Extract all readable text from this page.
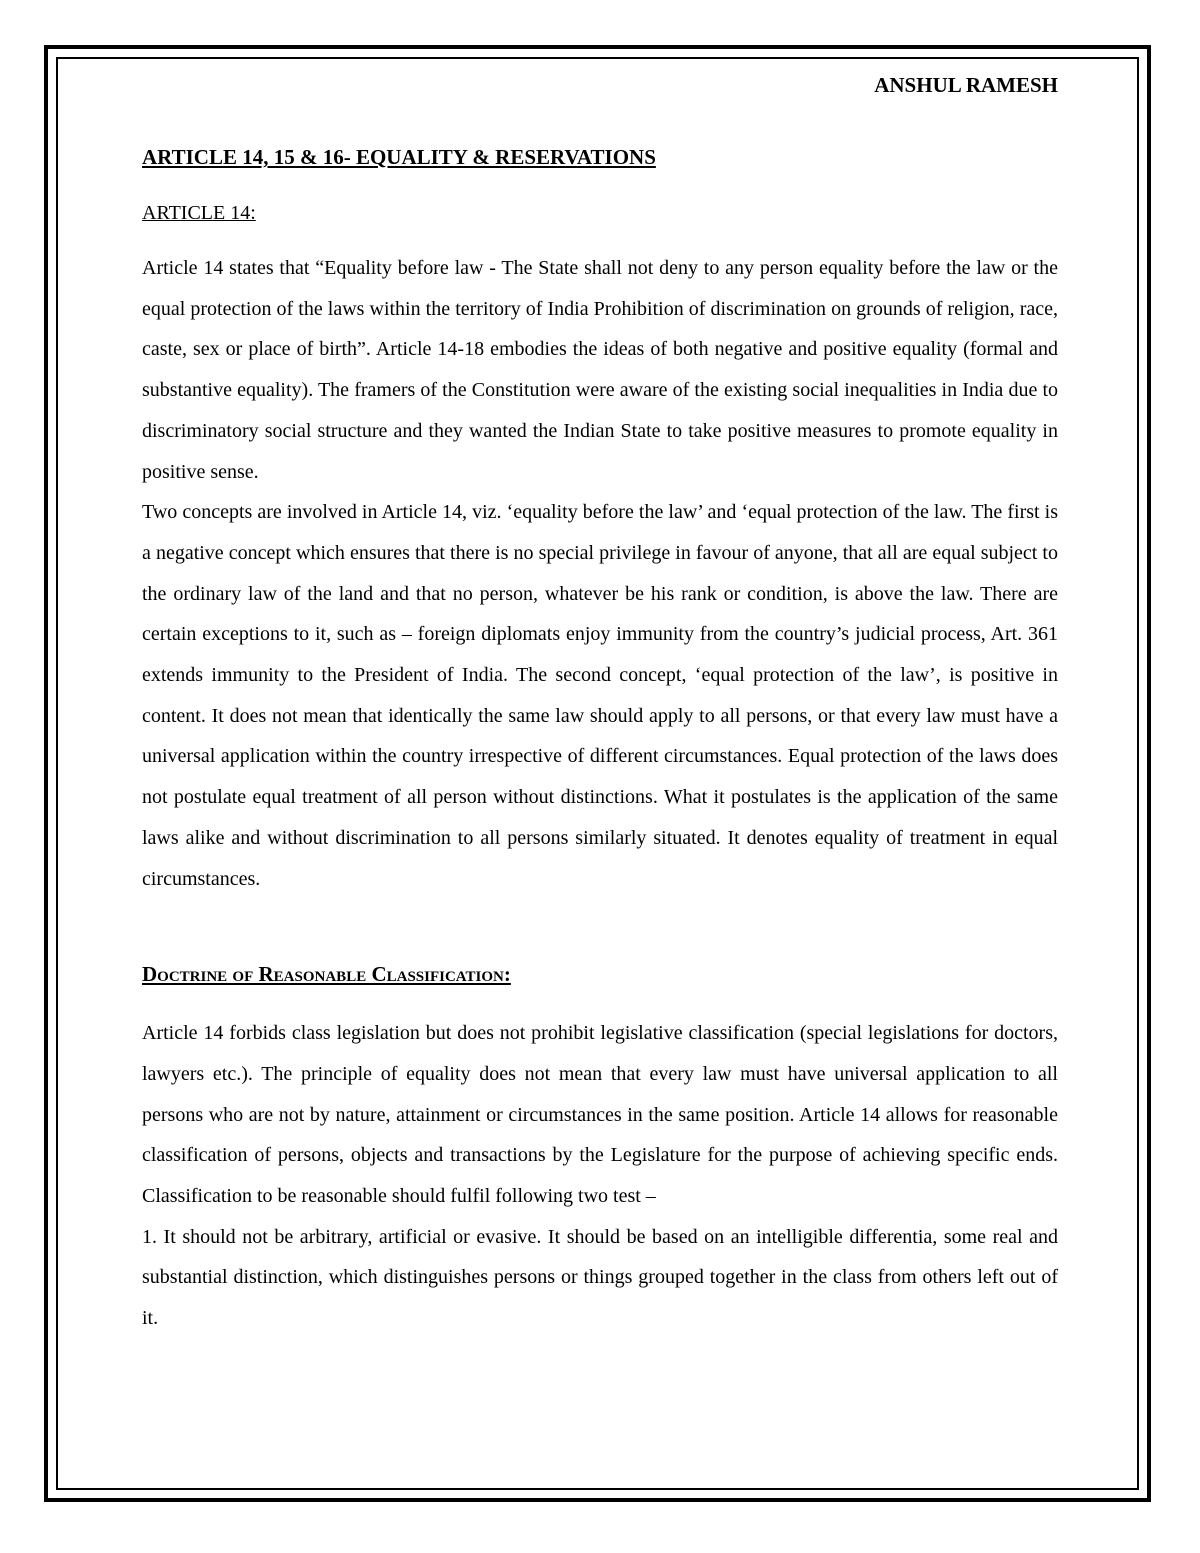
ANSHUL RAMESH

ARTICLE 14, 15 & 16- EQUALITY & RESERVATIONS

ARTICLE 14:

Article 14 states that “Equality before law - The State shall not deny to any person equality before the law or the equal protection of the laws within the territory of India Prohibition of discrimination on grounds of religion, race, caste, sex or place of birth”. Article 14-18 embodies the ideas of both negative and positive equality (formal and substantive equality). The framers of the Constitution were aware of the existing social inequalities in India due to discriminatory social structure and they wanted the Indian State to take positive measures to promote equality in positive sense.

Two concepts are involved in Article 14, viz. ‘equality before the law’ and ‘equal protection of the law. The first is a negative concept which ensures that there is no special privilege in favour of anyone, that all are equal subject to the ordinary law of the land and that no person, whatever be his rank or condition, is above the law. There are certain exceptions to it, such as – foreign diplomats enjoy immunity from the country’s judicial process, Art. 361 extends immunity to the President of India. The second concept, ‘equal protection of the law’, is positive in content. It does not mean that identically the same law should apply to all persons, or that every law must have a universal application within the country irrespective of different circumstances. Equal protection of the laws does not postulate equal treatment of all person without distinctions. What it postulates is the application of the same laws alike and without discrimination to all persons similarly situated. It denotes equality of treatment in equal circumstances.

Doctrine of Reasonable Classification:

Article 14 forbids class legislation but does not prohibit legislative classification (special legislations for doctors, lawyers etc.). The principle of equality does not mean that every law must have universal application to all persons who are not by nature, attainment or circumstances in the same position. Article 14 allows for reasonable classification of persons, objects and transactions by the Legislature for the purpose of achieving specific ends. Classification to be reasonable should fulfil following two test –

1. It should not be arbitrary, artificial or evasive. It should be based on an intelligible differentia, some real and substantial distinction, which distinguishes persons or things grouped together in the class from others left out of it.
